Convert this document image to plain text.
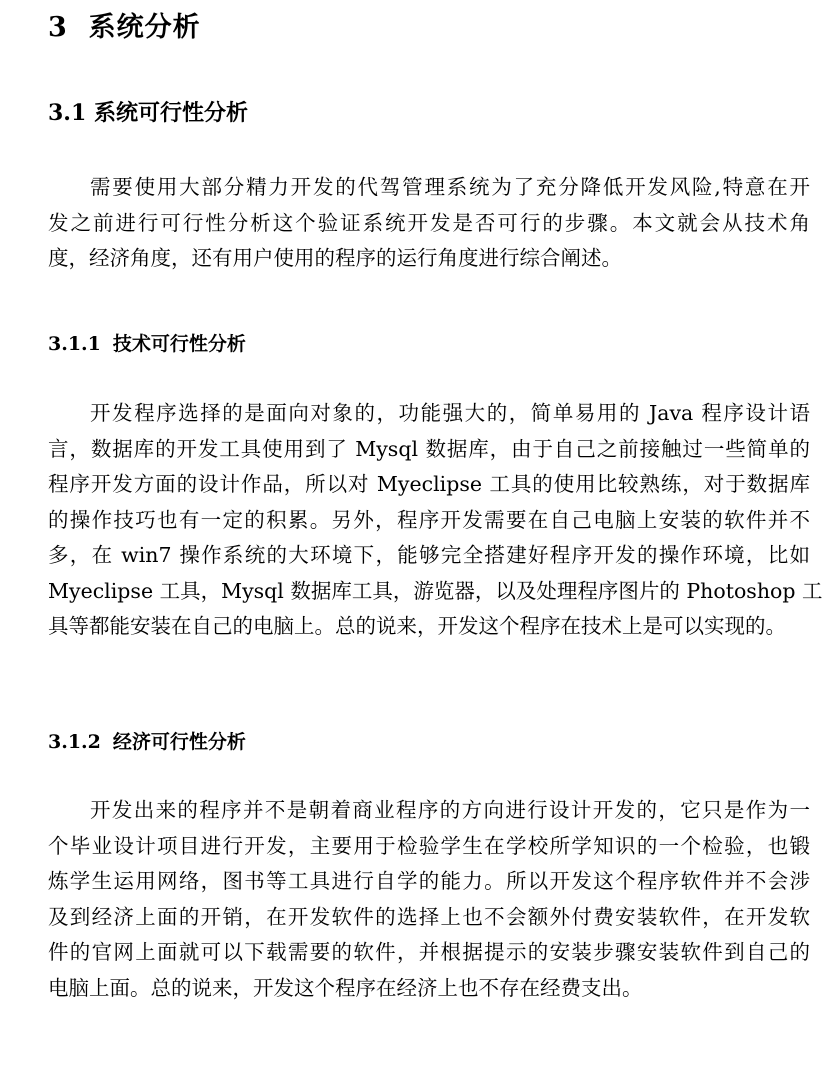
3 系统分析
3.1 系统可行性分析
需要使用大部分精力开发的代驾管理系统为了充分降低开发风险,特意在开
发之前进行可行性分析这个验证系统开发是否可行的步骤。本文就会从技术角
度，经济角度，还有用户使用的程序的运行角度进行综合阐述。
3.1.1 技术可行性分析
开发程序选择的是面向对象的，功能强大的，简单易用的 Java 程序设计语
言，数据库的开发工具使用到了 Mysql 数据库，由于自己之前接触过一些简单的
程序开发方面的设计作品，所以对 Myeclipse 工具的使用比较熟练，对于数据库
的操作技巧也有一定的积累。另外，程序开发需要在自己电脑上安装的软件并不
多，在 win7 操作系统的大环境下，能够完全搭建好程序开发的操作环境，比如
Myeclipse 工具，Mysql 数据库工具，游览器，以及处理程序图片的 Photoshop 工
具等都能安装在自己的电脑上。总的说来，开发这个程序在技术上是可以实现的。
3.1.2 经济可行性分析
开发出来的程序并不是朝着商业程序的方向进行设计开发的，它只是作为一
个毕业设计项目进行开发，主要用于检验学生在学校所学知识的一个检验，也锻
炼学生运用网络，图书等工具进行自学的能力。所以开发这个程序软件并不会涉
及到经济上面的开销，在开发软件的选择上也不会额外付费安装软件，在开发软
件的官网上面就可以下载需要的软件，并根据提示的安装步骤安装软件到自己的
电脑上面。总的说来，开发这个程序在经济上也不存在经费支出。
